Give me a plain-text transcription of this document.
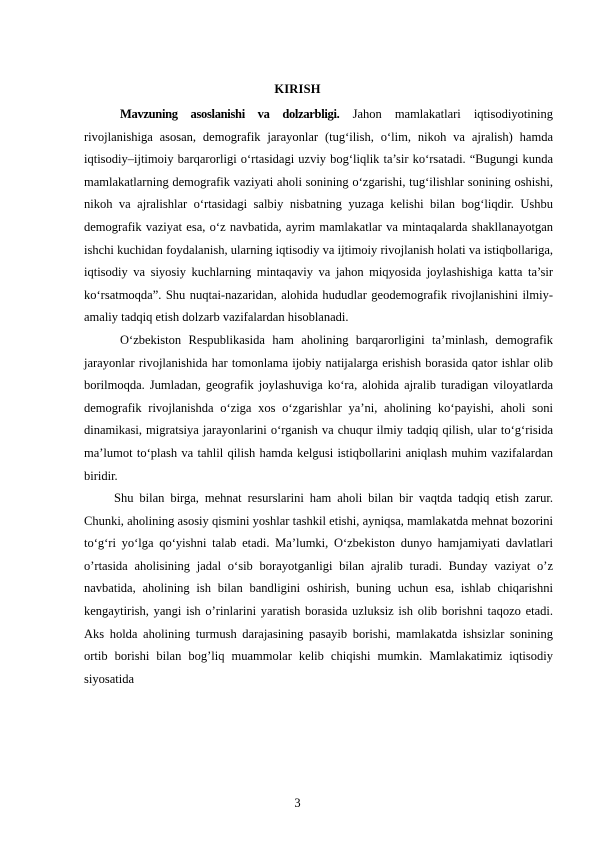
KIRISH

Mavzuning asoslanishi va dolzarbligi. Jahon mamlakatlari iqtisodiyotining rivojlanishiga asosan, demografik jarayonlar (tug‘ilish, o‘lim, nikoh va ajralish) hamda iqtisodiy–ijtimoiy barqarorligi o‘rtasidagi uzviy bog‘liqlik ta’sir ko‘rsatadi. “Bugungi kunda mamlakatlarning demografik vaziyati aholi sonining o‘zgarishi, tug‘ilishlar sonining oshishi, nikoh va ajralishlar o‘rtasidagi salbiy nisbatning yuzaga kelishi bilan bog‘liqdir. Ushbu demografik vaziyat esa, o‘z navbatida, ayrim mamlakatlar va mintaqalarda shakllanayotgan ishchi kuchidan foydalanish, ularning iqtisodiy va ijtimoiy rivojlanish holati va istiqbollariga, iqtisodiy va siyosiy kuchlarning mintaqaviy va jahon miqyosida joylashishiga katta ta’sir ko‘rsatmoqda”. Shu nuqtai-nazaridan, alohida hududlar geodemografik rivojlanishini ilmiy-amaliy tadqiq etish dolzarb vazifalardan hisoblanadi.

O‘zbekiston Respublikasida ham aholining barqarorligini ta’minlash, demografik jarayonlar rivojlanishida har tomonlama ijobiy natijalarga erishish borasida qator ishlar olib borilmoqda. Jumladan, geografik joylashuviga ko‘ra, alohida ajralib turadigan viloyatlarda demografik rivojlanishda o‘ziga xos o‘zgarishlar ya’ni, aholining ko‘payishi, aholi soni dinamikasi, migratsiya jarayonlarini o‘rganish va chuqur ilmiy tadqiq qilish, ular to‘g‘risida ma’lumot to‘plash va tahlil qilish hamda kelgusi istiqbollarini aniqlash muhim vazifalardan biridir.

Shu bilan birga, mehnat resurslarini ham aholi bilan bir vaqtda tadqiq etish zarur. Chunki, aholining asosiy qismini yoshlar tashkil etishi, ayniqsa, mamlakatda mehnat bozorini to‘g‘ri yo‘lga qo‘yishni talab etadi. Ma’lumki, O‘zbekiston dunyo hamjamiyati davlatlari o’rtasida aholisining jadal o‘sib borayotganligi bilan ajralib turadi. Bunday vaziyat o’z navbatida, aholining ish bilan bandligini oshirish, buning uchun esa, ishlab chiqarishni kengaytirish, yangi ish o’rinlarini yaratish borasida uzluksiz ish olib borishni taqozo etadi. Aks holda aholining turmush darajasining pasayib borishi, mamlakatda ishsizlar sonining ortib borishi bilan bog’liq muammolar kelib chiqishi mumkin. Mamlakatimiz iqtisodiy siyosatida

3
